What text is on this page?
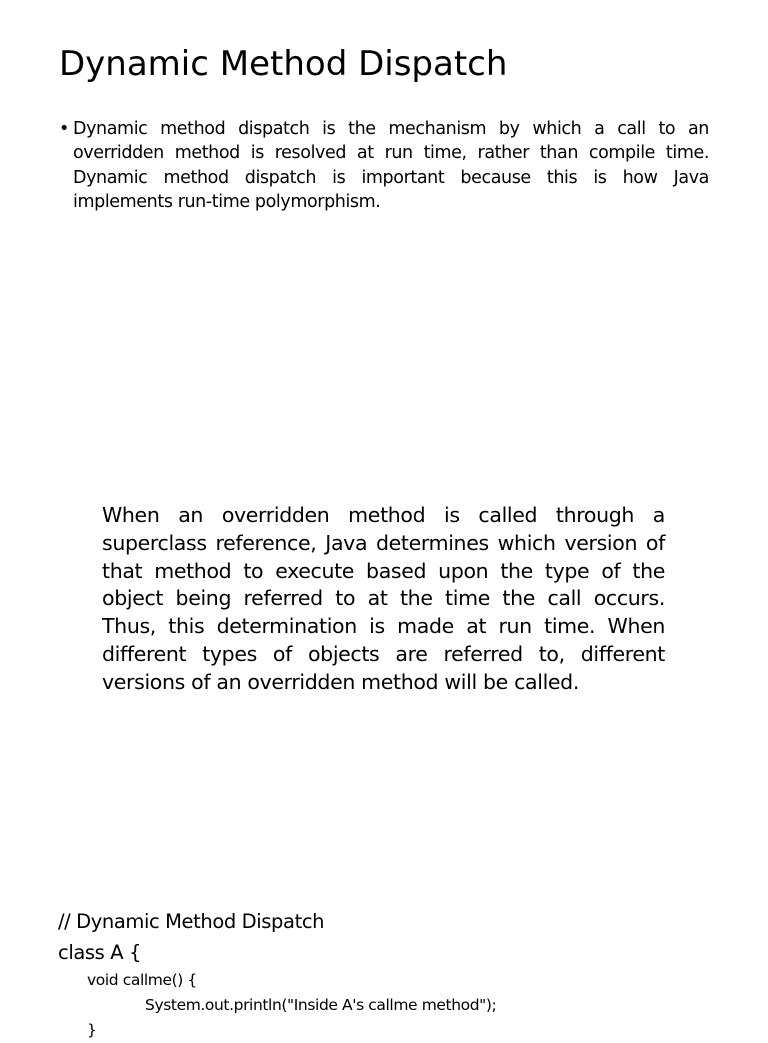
Dynamic Method Dispatch
• Dynamic method dispatch is the mechanism by which a call to an overridden method is resolved at run time, rather than compile time. Dynamic method dispatch is important because this is how Java implements run-time polymorphism.

When an overridden method is called through a superclass reference, Java determines which version of that method to execute based upon the type of the object being referred to at the time the call occurs. Thus, this determination is made at run time. When different types of objects are referred to, different versions of an overridden method will be called.

// Dynamic Method Dispatch
class A {
void callme() {
System.out.println("Inside A's callme method");
}
